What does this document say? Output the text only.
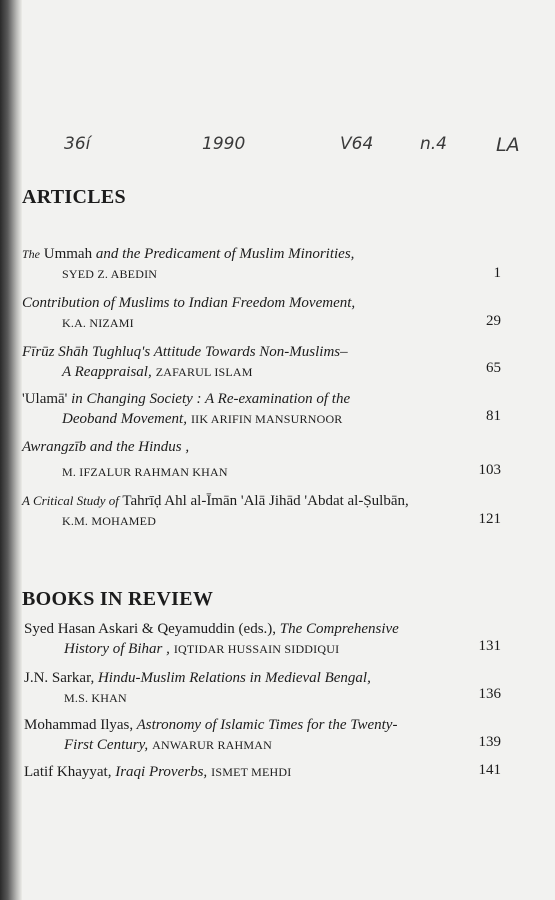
36í	1990	V64	n.4	LA
ARTICLES
The Ummah and the Predicament of Muslim Minorities,
SYED Z. ABEDIN	1
Contribution of Muslims to Indian Freedom Movement,
K.A. NIZAMI	29
Fīrūz Shāh Tughluq's Attitude Towards Non-Muslims–
A Reappraisal, ZAFARUL ISLAM	65
'Ulamā' in Changing Society : A Re-examination of the
Deoband Movement, IIK ARIFIN MANSURNOOR	81
Awrangzīb and the Hindus ,
M. IFZALUR RAHMAN KHAN	103
A Critical Study of Tahrīḍ Ahl al-Īmān 'Alā Jihād 'Abdat al-Ṣulbān,
K.M. MOHAMED	121
BOOKS IN REVIEW
Syed Hasan Askari & Qeyamuddin (eds.), The Comprehensive
History of Bihar , IQTIDAR HUSSAIN SIDDIQUI	131
J.N. Sarkar, Hindu-Muslim Relations in Medieval Bengal,
M.S. KHAN	136
Mohammad Ilyas, Astronomy of Islamic Times for the Twenty-
First Century, ANWARUR RAHMAN	139
Latif Khayyat, Iraqi Proverbs, ISMET MEHDI	141
